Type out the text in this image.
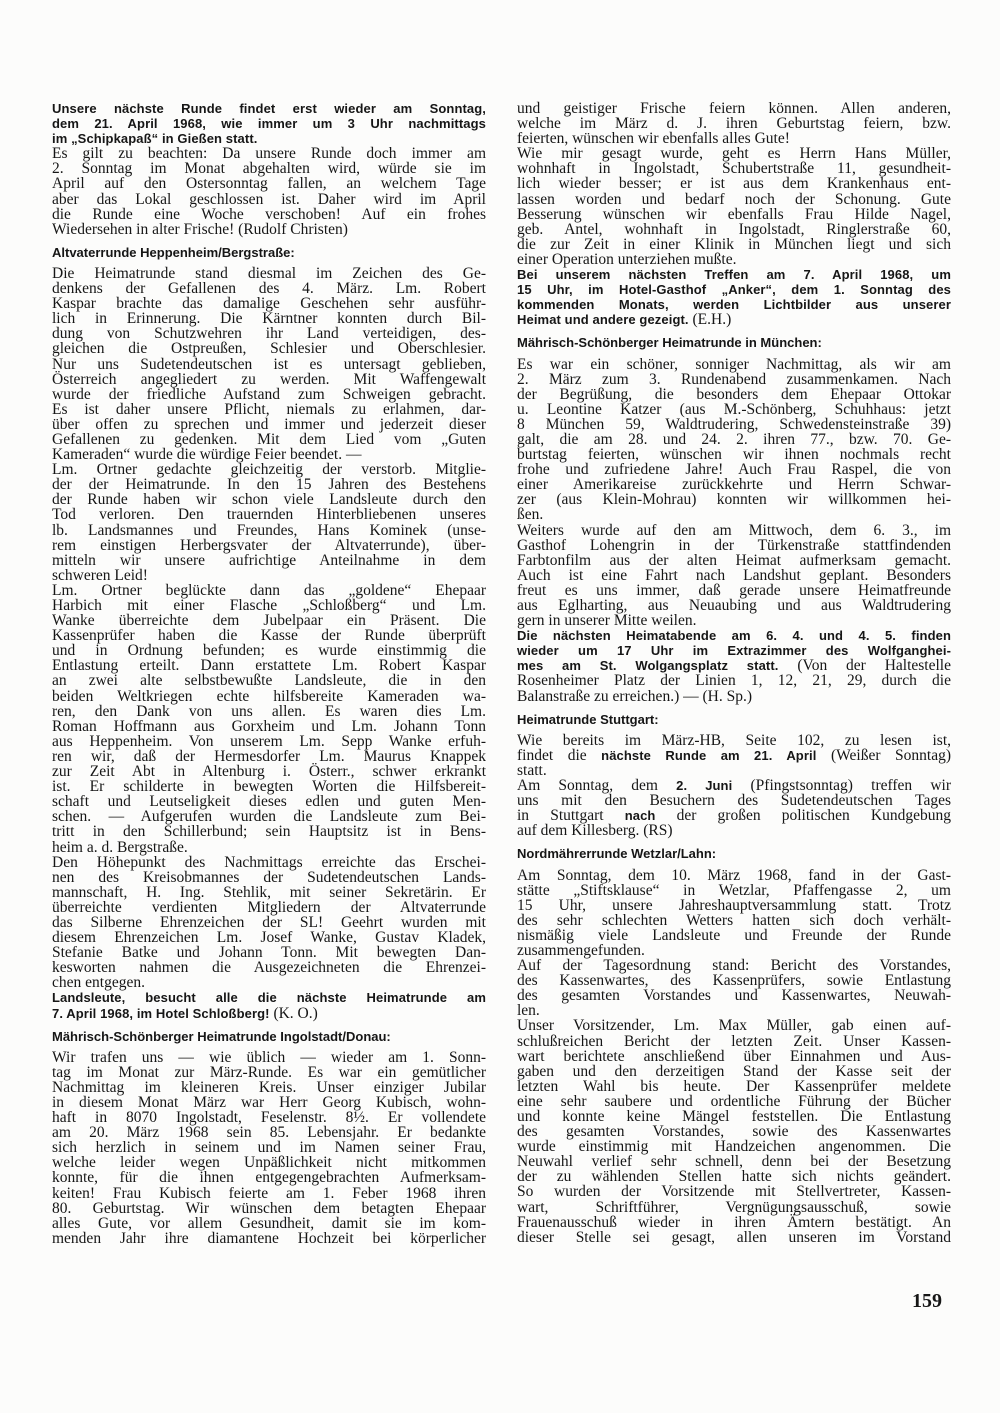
Unsere nächste Runde findet erst wieder am Sonntag,
dem 21. April 1968, wie immer um 3 Uhr nachmittags
im „Schipkapaß“ in Gießen statt.
Es gilt zu beachten: Da unsere Runde doch immer am
2. Sonntag im Monat abgehalten wird, würde sie im
April auf den Ostersonntag fallen, an welchem Tage
aber das Lokal geschlossen ist. Daher wird im April
die Runde eine Woche verschoben! Auf ein frohes
Wiedersehen in alter Frische! (Rudolf Christen)
Altvaterrunde Heppenheim/Bergstraße:
Die Heimatrunde stand diesmal im Zeichen des Ge-
denkens der Gefallenen des 4. März. Lm. Robert
Kaspar brachte das damalige Geschehen sehr ausführ-
lich in Erinnerung. Die Kärntner konnten durch Bil-
dung von Schutzwehren ihr Land verteidigen, des-
gleichen die Ostpreußen, Schlesier und Oberschlesier.
Nur uns Sudetendeutschen ist es untersagt geblieben,
Österreich angegliedert zu werden. Mit Waffengewalt
wurde der friedliche Aufstand zum Schweigen gebracht.
Es ist daher unsere Pflicht, niemals zu erlahmen, dar-
über offen zu sprechen und immer und jederzeit dieser
Gefallenen zu gedenken. Mit dem Lied vom „Guten
Kameraden“ wurde die würdige Feier beendet. —
Lm. Ortner gedachte gleichzeitig der verstorb. Mitglie-
der der Heimatrunde. In den 15 Jahren des Bestehens
der Runde haben wir schon viele Landsleute durch den
Tod verloren. Den trauernden Hinterbliebenen unseres
lb. Landsmannes und Freundes, Hans Kominek (unse-
rem einstigen Herbergsvater der Altvaterrunde), über-
mitteln wir unsere aufrichtige Anteilnahme in dem
schweren Leid!
Lm. Ortner beglückte dann das „goldene“ Ehepaar
Harbich mit einer Flasche „Schloßberg“ und Lm.
Wanke überreichte dem Jubelpaar ein Präsent. Die
Kassenprüfer haben die Kasse der Runde überprüft
und in Ordnung befunden; es wurde einstimmig die
Entlastung erteilt. Dann erstattete Lm. Robert Kaspar
an zwei alte selbstbewußte Landsleute, die in den
beiden Weltkriegen echte hilfsbereite Kameraden wa-
ren, den Dank von uns allen. Es waren dies Lm.
Roman Hoffmann aus Gorxheim und Lm. Johann Tonn
aus Heppenheim. Von unserem Lm. Sepp Wanke erfuh-
ren wir, daß der Hermesdorfer Lm. Maurus Knappek
zur Zeit Abt in Altenburg i. Österr., schwer erkrankt
ist. Er schilderte in bewegten Worten die Hilfsbereit-
schaft und Leutseligkeit dieses edlen und guten Men-
schen. — Aufgerufen wurden die Landsleute zum Bei-
tritt in den Schillerbund; sein Hauptsitz ist in Bens-
heim a. d. Bergstraße.
Den Höhepunkt des Nachmittags erreichte das Erschei-
nen des Kreisobmannes der Sudetendeutschen Lands-
mannschaft, H. Ing. Stehlik, mit seiner Sekretärin. Er
überreichte verdienten Mitgliedern der Altvaterrunde
das Silberne Ehrenzeichen der SL! Geehrt wurden mit
diesem Ehrenzeichen Lm. Josef Wanke, Gustav Kladek,
Stefanie Batke und Johann Tonn. Mit bewegten Dan-
kesworten nahmen die Ausgezeichneten die Ehrenzei-
chen entgegen.
Landsleute, besucht alle die nächste Heimatrunde am
7. April 1968, im Hotel Schloßberg! (K. O.)
Mährisch-Schönberger Heimatrunde Ingolstadt/Donau:
Wir trafen uns — wie üblich — wieder am 1. Sonn-
tag im Monat zur März-Runde. Es war ein gemütlicher
Nachmittag im kleineren Kreis. Unser einziger Jubilar
in diesem Monat März war Herr Georg Kubisch, wohn-
haft in 8070 Ingolstadt, Feselenstr. 8½. Er vollendete
am 20. März 1968 sein 85. Lebensjahr. Er bedankte
sich herzlich in seinem und im Namen seiner Frau,
welche leider wegen Unpäßlichkeit nicht mitkommen
konnte, für die ihnen entgegengebrachten Aufmerksam-
keiten! Frau Kubisch feierte am 1. Feber 1968 ihren
80. Geburtstag. Wir wünschen dem betagten Ehepaar
alles Gute, vor allem Gesundheit, damit sie im kom-
menden Jahr ihre diamantene Hochzeit bei körperlicher
und geistiger Frische feiern können. Allen anderen,
welche im März d. J. ihren Geburtstag feiern, bzw.
feierten, wünschen wir ebenfalls alles Gute!
Wie mir gesagt wurde, geht es Herrn Hans Müller,
wohnhaft in Ingolstadt, Schubertstraße 11, gesundheit-
lich wieder besser; er ist aus dem Krankenhaus ent-
lassen worden und bedarf noch der Schonung. Gute
Besserung wünschen wir ebenfalls Frau Hilde Nagel,
geb. Antel, wohnhaft in Ingolstadt, Ringlerstraße 60,
die zur Zeit in einer Klinik in München liegt und sich
einer Operation unterziehen mußte.
Bei unserem nächsten Treffen am 7. April 1968, um
15 Uhr, im Hotel-Gasthof „Anker“, dem 1. Sonntag des
kommenden Monats, werden Lichtbilder aus unserer
Heimat und andere gezeigt. (E.H.)
Mährisch-Schönberger Heimatrunde in München:
Es war ein schöner, sonniger Nachmittag, als wir am
2. März zum 3. Rundenabend zusammenkamen. Nach
der Begrüßung, die besonders dem Ehepaar Ottokar
u. Leontine Katzer (aus M.-Schönberg, Schuhhaus: jetzt
8 München 59, Waldtrudering, Schwedensteinstraße 39)
galt, die am 28. und 24. 2. ihren 77., bzw. 70. Ge-
burtstag feierten, wünschen wir ihnen nochmals recht
frohe und zufriedene Jahre! Auch Frau Raspel, die von
einer Amerikareise zurückkehrte und Herrn Schwar-
zer (aus Klein-Mohrau) konnten wir willkommen hei-
ßen.
Weiters wurde auf den am Mittwoch, dem 6. 3., im
Gasthof Lohengrin in der Türkenstraße stattfindenden
Farbtonfilm aus der alten Heimat aufmerksam gemacht.
Auch ist eine Fahrt nach Landshut geplant. Besonders
freut es uns immer, daß gerade unsere Heimatfreunde
aus Eglharting, aus Neuaubing und aus Waldtrudering
gern in unserer Mitte weilen.
Die nächsten Heimatabende am 6. 4. und 4. 5. finden
wieder um 17 Uhr im Extrazimmer des Wolfganghei-
mes am St. Wolgangsplatz statt. (Von der Haltestelle
Rosenheimer Platz der Linien 1, 12, 21, 29, durch die
Balanstraße zu erreichen.) — (H. Sp.)
Heimatrunde Stuttgart:
Wie bereits im März-HB, Seite 102, zu lesen ist,
findet die nächste Runde am 21. April (Weißer Sonntag)
statt.
Am Sonntag, dem 2. Juni (Pfingstsonntag) treffen wir
uns mit den Besuchern des Sudetendeutschen Tages
in Stuttgart nach der großen politischen Kundgebung
auf dem Killesberg. (RS)
Nordmährerrunde Wetzlar/Lahn:
Am Sonntag, dem 10. März 1968, fand in der Gast-
stätte „Stiftsklause“ in Wetzlar, Pfaffengasse 2, um
15 Uhr, unsere Jahreshauptversammlung statt. Trotz
des sehr schlechten Wetters hatten sich doch verhält-
nismäßig viele Landsleute und Freunde der Runde
zusammengefunden.
Auf der Tagesordnung stand: Bericht des Vorstandes,
des Kassenwartes, des Kassenprüfers, sowie Entlastung
des gesamten Vorstandes und Kassenwartes, Neuwah-
len.
Unser Vorsitzender, Lm. Max Müller, gab einen auf-
schlußreichen Bericht der letzten Zeit. Unser Kassen-
wart berichtete anschließend über Einnahmen und Aus-
gaben und den derzeitigen Stand der Kasse seit der
letzten Wahl bis heute. Der Kassenprüfer meldete
eine sehr saubere und ordentliche Führung der Bücher
und konnte keine Mängel feststellen. Die Entlastung
des gesamten Vorstandes, sowie des Kassenwartes
wurde einstimmig mit Handzeichen angenommen. Die
Neuwahl verlief sehr schnell, denn bei der Besetzung
der zu wählenden Stellen hatte sich nichts geändert.
So wurden der Vorsitzende mit Stellvertreter, Kassen-
wart, Schriftführer, Vergnügungsausschuß, sowie
Frauenausschuß wieder in ihren Ämtern bestätigt. An
dieser Stelle sei gesagt, allen unseren im Vorstand
159
